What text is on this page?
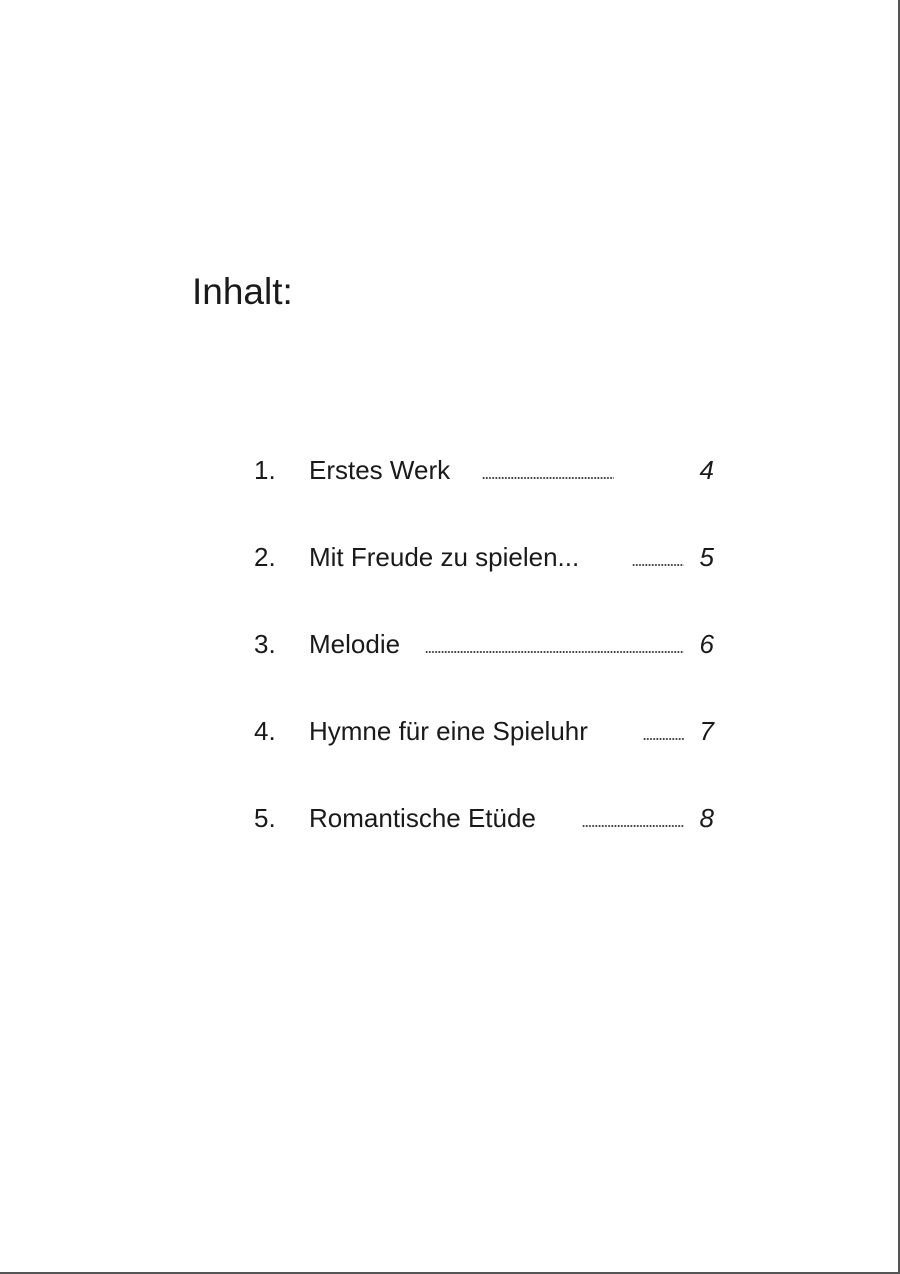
Inhalt:
1. Erstes Werk	4
2. Mit Freude zu spielen...	5
3. Melodie	6
4. Hymne für eine Spieluhr	7
5. Romantische Etüde	8
